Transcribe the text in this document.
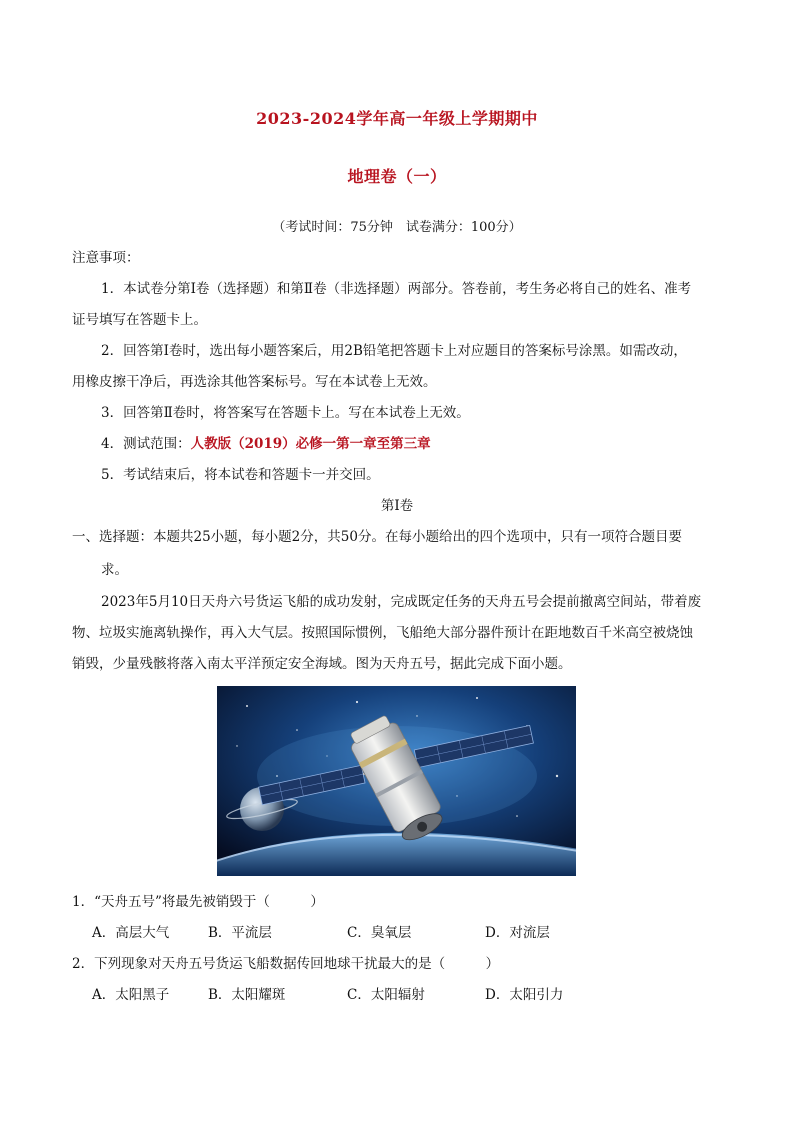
2023-2024学年高一年级上学期期中
地理卷（一）
（考试时间：75分钟　试卷满分：100分）
注意事项：
1．本试卷分第Ⅰ卷（选择题）和第Ⅱ卷（非选择题）两部分。答卷前，考生务必将自己的姓名、准考
证号填写在答题卡上。
2．回答第Ⅰ卷时，选出每小题答案后，用2B铅笔把答题卡上对应题目的答案标号涂黑。如需改动，
用橡皮擦干净后，再选涂其他答案标号。写在本试卷上无效。
3．回答第Ⅱ卷时，将答案写在答题卡上。写在本试卷上无效。
4．测试范围：人教版（2019）必修一第一章至第三章
5．考试结束后，将本试卷和答题卡一并交回。
第Ⅰ卷
一、选择题：本题共25小题，每小题2分，共50分。在每小题给出的四个选项中，只有一项符合题目要
求。
2023年5月10日天舟六号货运飞船的成功发射，完成既定任务的天舟五号会提前撤离空间站，带着废
物、垃圾实施离轨操作，再入大气层。按照国际惯例，飞船绝大部分器件预计在距地数百千米高空被烧蚀
销毁，少量残骸将落入南太平洋预定安全海域。图为天舟五号，据此完成下面小题。
1．“天舟五号”将最先被销毁于（　　　）
A．高层大气	B．平流层	C．臭氧层	D．对流层
2．下列现象对天舟五号货运飞船数据传回地球干扰最大的是（　　　）
A．太阳黑子	B．太阳耀斑	C．太阳辐射	D．太阳引力
